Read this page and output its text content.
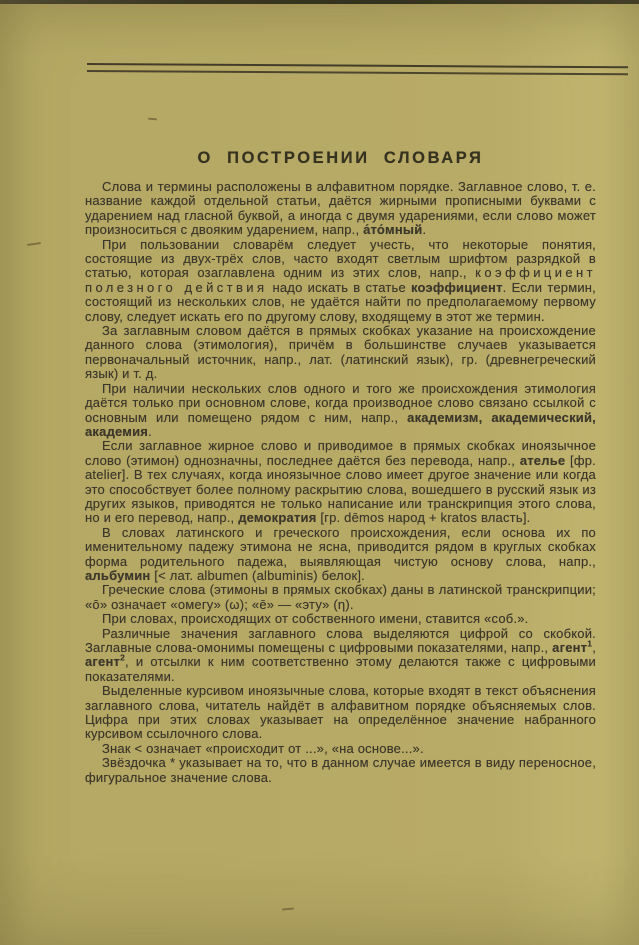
О ПОСТРОЕНИИ СЛОВАРЯ

Слова и термины расположены в алфавитном порядке. Заглавное слово, т. е. название каждой отдельной статьи, даётся жирными прописными буквами с ударением над гласной буквой, а иногда с двумя ударениями, если слово может произноситься с двояким ударением, напр., а́то́мный.

При пользовании словарём следует учесть, что некоторые понятия, состоящие из двух-трёх слов, часто входят светлым шрифтом разрядкой в статью, которая озаглавлена одним из этих слов, напр., коэффициент полезного действия надо искать в статье коэффициент. Если термин, состоящий из нескольких слов, не удаётся найти по предполагаемому первому слову, следует искать его по другому слову, входящему в этот же термин.

За заглавным словом даётся в прямых скобках указание на происхождение данного слова (этимология), причём в большинстве случаев указывается первоначальный источник, напр., лат. (латинский язык), гр. (древнегреческий язык) и т. д.

При наличии нескольких слов одного и того же происхождения этимология даётся только при основном слове, когда производное слово связано ссылкой с основным или помещено рядом с ним, напр., академизм, академический, академия.

Если заглавное жирное слово и приводимое в прямых скобках иноязычное слово (этимон) однозначны, последнее даётся без перевода, напр., ателье [фр. atelier]. В тех случаях, когда иноязычное слово имеет другое значение или когда это способствует более полному раскрытию слова, вошедшего в русский язык из других языков, приводятся не только написание или транскрипция этого слова, но и его перевод, напр., демократия [гр. dēmos народ + kratos власть].

В словах латинского и греческого происхождения, если основа их по именительному падежу этимона не ясна, приводится рядом в круглых скобках форма родительного падежа, выявляющая чистую основу слова, напр., альбумин [< лат. albumen (albuminis) белок].

Греческие слова (этимоны в прямых скобках) даны в латинской транскрипции; «ō» означает «омегу» (ω); «ē» — «эту» (η).

При словах, происходящих от собственного имени, ставится «соб.».

Различные значения заглавного слова выделяются цифрой со скобкой. Заглавные слова-омонимы помещены с цифровыми показателями, напр., агент$^1$, агент$^2$, и отсылки к ним соответственно этому делаются также с цифровыми показателями.

Выделенные курсивом иноязычные слова, которые входят в текст объяснения заглавного слова, читатель найдёт в алфавитном порядке объясняемых слов. Цифра при этих словах указывает на определённое значение набранного курсивом ссылочного слова.

Знак < означает «происходит от ...», «на основе...».

Звёздочка * указывает на то, что в данном случае имеется в виду переносное, фигуральное значение слова.
